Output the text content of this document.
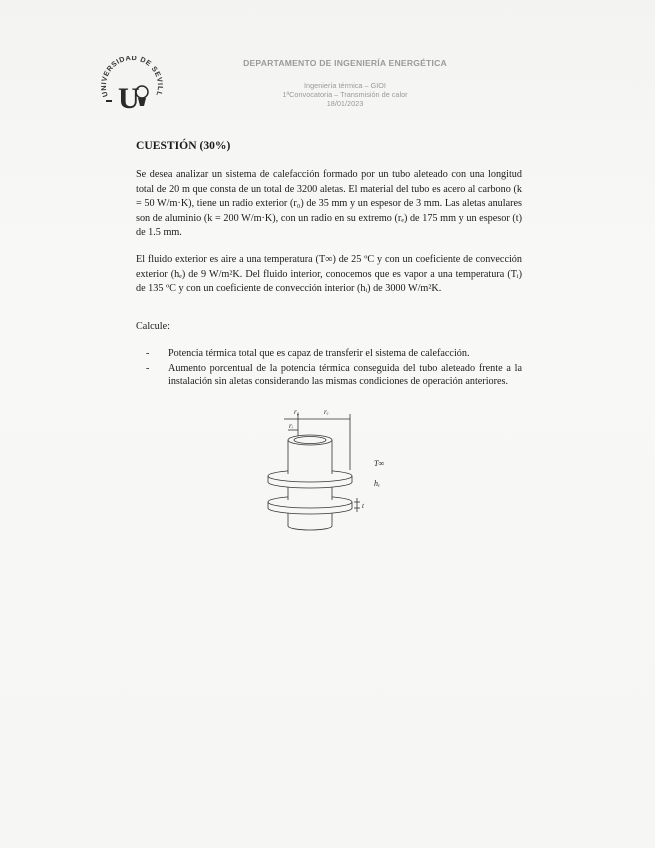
UNIVERSIDAD DE SEVILL
U
DEPARTAMENTO DE INGENIERÍA ENERGÉTICA
Ingeniería térmica – GIOI
1ªConvocatoria – Transmisión de calor
18/01/2023
CUESTIÓN (30%)
Se desea analizar un sistema de calefacción formado por un tubo aleteado con una longitud total de 20 m que consta de un total de 3200 aletas. El material del tubo es acero al carbono (k = 50 W/m·K), tiene un radio exterior (r₀) de 35 mm y un espesor de 3 mm. Las aletas anulares son de aluminio (k = 200 W/m·K), con un radio en su extremo (rₑ) de 175 mm y un espesor (t) de 1.5 mm.
El fluido exterior es aire a una temperatura (T∞) de 25 ºC y con un coeficiente de convección exterior (hₑ) de 9 W/m²K. Del fluido interior, conocemos que es vapor a una temperatura (Tᵢ) de 135 ºC y con un coeficiente de convección interior (hᵢ) de 3000 W/m²K.
Calcule:
- Potencia térmica total que es capaz de transferir el sistema de calefacción.
- Aumento porcentual de la potencia térmica conseguida del tubo aleteado frente a la instalación sin aletas considerando las mismas condiciones de operación anteriores.
r₀	rₑ
rᵢ
T∞
hₑ
t
